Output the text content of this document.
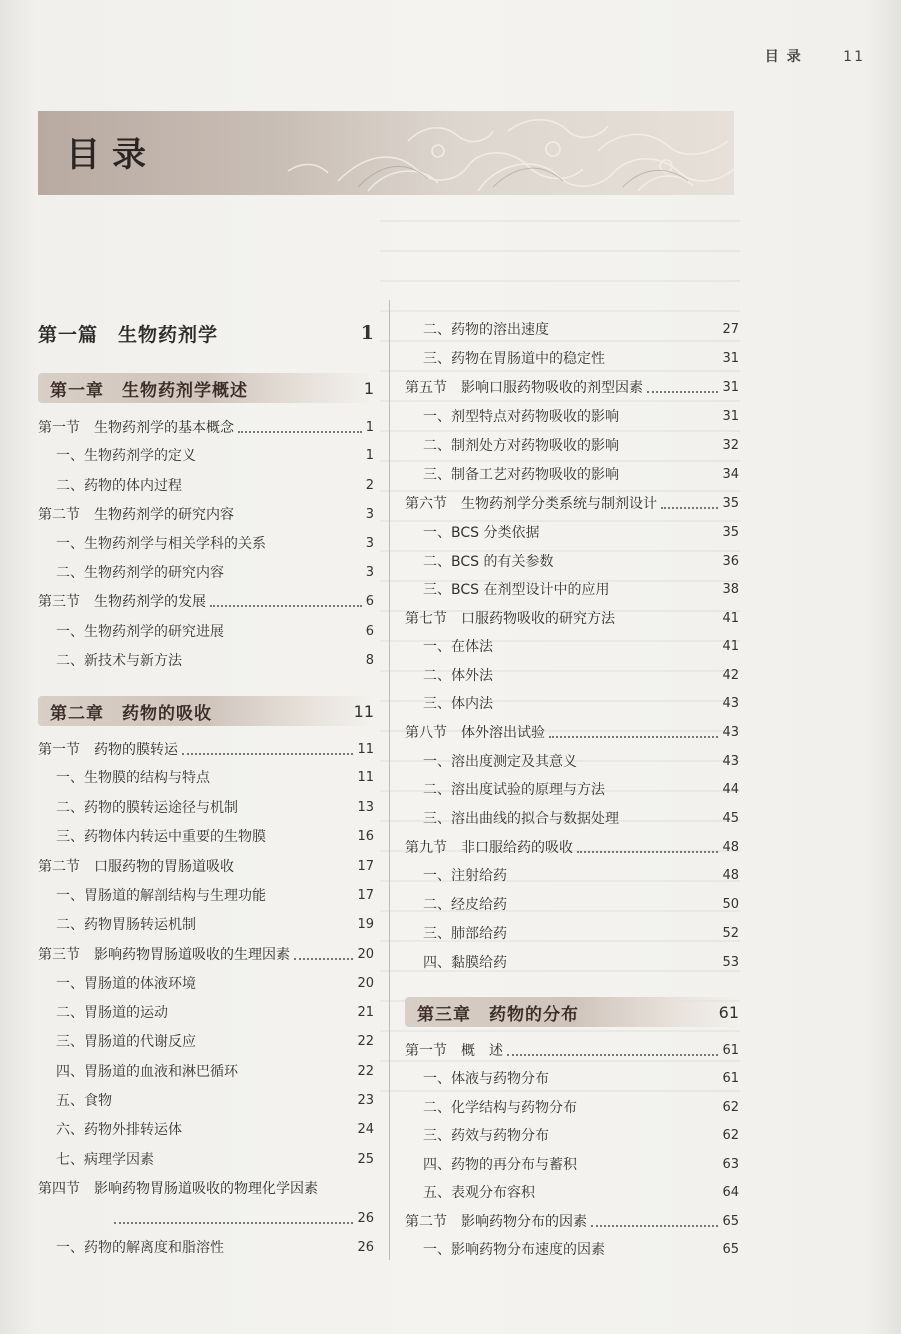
目录 11
目录
第一篇　生物药剂学	1
第一章　生物药剂学概述	1
第一节　生物药剂学的基本概念	1
一、生物药剂学的定义	1
二、药物的体内过程	2
第二节　生物药剂学的研究内容	3
一、生物药剂学与相关学科的关系	3
二、生物药剂学的研究内容	3
第三节　生物药剂学的发展	6
一、生物药剂学的研究进展	6
二、新技术与新方法	8
第二章　药物的吸收	11
第一节　药物的膜转运	11
一、生物膜的结构与特点	11
二、药物的膜转运途径与机制	13
三、药物体内转运中重要的生物膜	16
第二节　口服药物的胃肠道吸收	17
一、胃肠道的解剖结构与生理功能	17
二、药物胃肠转运机制	19
第三节　影响药物胃肠道吸收的生理因素	20
一、胃肠道的体液环境	20
二、胃肠道的运动	21
三、胃肠道的代谢反应	22
四、胃肠道的血液和淋巴循环	22
五、食物	23
六、药物外排转运体	24
七、病理学因素	25
第四节　影响药物胃肠道吸收的物理化学因素
26
一、药物的解离度和脂溶性	26
二、药物的溶出速度	27
三、药物在胃肠道中的稳定性	31
第五节　影响口服药物吸收的剂型因素	31
一、剂型特点对药物吸收的影响	31
二、制剂处方对药物吸收的影响	32
三、制备工艺对药物吸收的影响	34
第六节　生物药剂学分类系统与制剂设计	35
一、BCS 分类依据	35
二、BCS 的有关参数	36
三、BCS 在剂型设计中的应用	38
第七节　口服药物吸收的研究方法	41
一、在体法	41
二、体外法	42
三、体内法	43
第八节　体外溶出试验	43
一、溶出度测定及其意义	43
二、溶出度试验的原理与方法	44
三、溶出曲线的拟合与数据处理	45
第九节　非口服给药的吸收	48
一、注射给药	48
二、经皮给药	50
三、肺部给药	52
四、黏膜给药	53
第三章　药物的分布	61
第一节　概　述	61
一、体液与药物分布	61
二、化学结构与药物分布	62
三、药效与药物分布	62
四、药物的再分布与蓄积	63
五、表观分布容积	64
第二节　影响药物分布的因素	65
一、影响药物分布速度的因素	65
